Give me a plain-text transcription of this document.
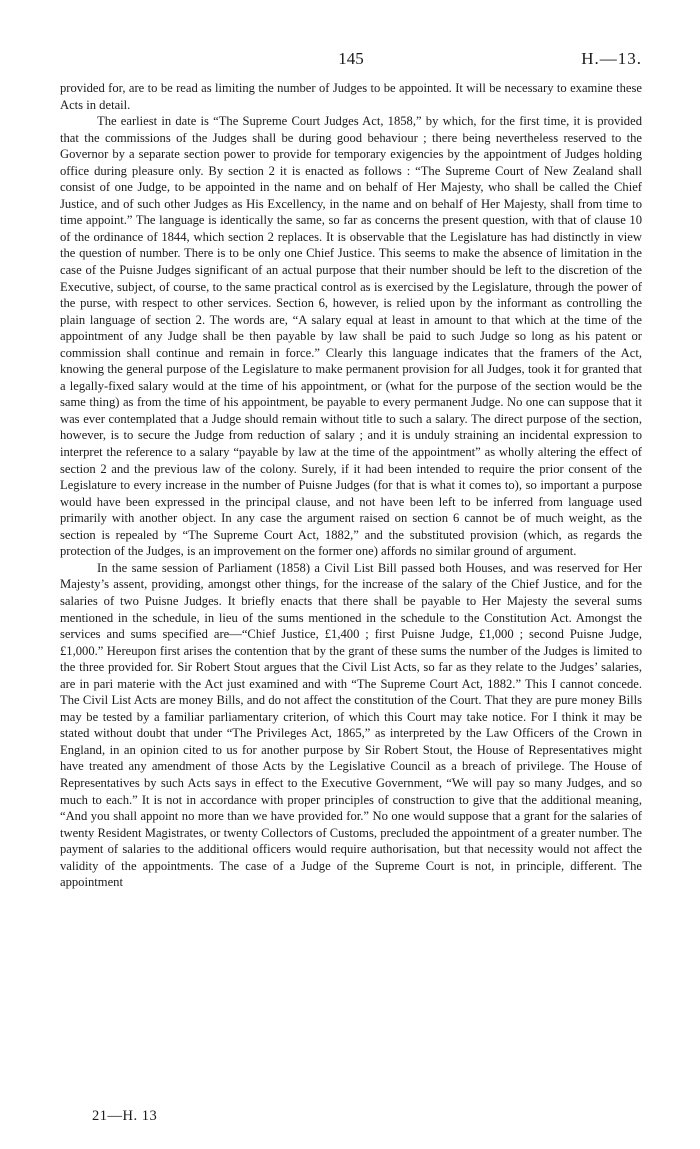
145	H.—13.

provided for, are to be read as limiting the number of Judges to be appointed. It will be necessary to examine these Acts in detail.

The earliest in date is “The Supreme Court Judges Act, 1858,” by which, for the first time, it is provided that the commissions of the Judges shall be during good behaviour ; there being nevertheless reserved to the Governor by a separate section power to provide for temporary exigencies by the appointment of Judges holding office during pleasure only. By section 2 it is enacted as follows : “The Supreme Court of New Zealand shall consist of one Judge, to be appointed in the name and on behalf of Her Majesty, who shall be called the Chief Justice, and of such other Judges as His Excellency, in the name and on behalf of Her Majesty, shall from time to time appoint.” The language is identically the same, so far as concerns the present question, with that of clause 10 of the ordinance of 1844, which section 2 replaces. It is observable that the Legislature has had distinctly in view the question of number. There is to be only one Chief Justice. This seems to make the absence of limitation in the case of the Puisne Judges significant of an actual purpose that their number should be left to the discretion of the Executive, subject, of course, to the same practical control as is exercised by the Legislature, through the power of the purse, with respect to other services. Section 6, however, is relied upon by the informant as controlling the plain language of section 2. The words are, “A salary equal at least in amount to that which at the time of the appointment of any Judge shall be then payable by law shall be paid to such Judge so long as his patent or commission shall continue and remain in force.” Clearly this language indicates that the framers of the Act, knowing the general purpose of the Legislature to make permanent provision for all Judges, took it for granted that a legally-fixed salary would at the time of his appointment, or (what for the purpose of the section would be the same thing) as from the time of his appointment, be payable to every permanent Judge. No one can suppose that it was ever contemplated that a Judge should remain without title to such a salary. The direct purpose of the section, however, is to secure the Judge from reduction of salary ; and it is unduly straining an incidental expression to interpret the reference to a salary “payable by law at the time of the appointment” as wholly altering the effect of section 2 and the previous law of the colony. Surely, if it had been intended to require the prior consent of the Legislature to every increase in the number of Puisne Judges (for that is what it comes to), so important a purpose would have been expressed in the principal clause, and not have been left to be inferred from language used primarily with another object. In any case the argument raised on section 6 cannot be of much weight, as the section is repealed by “The Supreme Court Act, 1882,” and the substituted provision (which, as regards the protection of the Judges, is an improvement on the former one) affords no similar ground of argument.

In the same session of Parliament (1858) a Civil List Bill passed both Houses, and was reserved for Her Majesty’s assent, providing, amongst other things, for the increase of the salary of the Chief Justice, and for the salaries of two Puisne Judges. It briefly enacts that there shall be payable to Her Majesty the several sums mentioned in the schedule, in lieu of the sums mentioned in the schedule to the Constitution Act. Amongst the services and sums specified are—“Chief Justice, £1,400 ; first Puisne Judge, £1,000 ; second Puisne Judge, £1,000.” Hereupon first arises the contention that by the grant of these sums the number of the Judges is limited to the three provided for. Sir Robert Stout argues that the Civil List Acts, so far as they relate to the Judges’ salaries, are in pari materie with the Act just examined and with “The Supreme Court Act, 1882.” This I cannot concede. The Civil List Acts are money Bills, and do not affect the constitution of the Court. That they are pure money Bills may be tested by a familiar parliamentary criterion, of which this Court may take notice. For I think it may be stated without doubt that under “The Privileges Act, 1865,” as interpreted by the Law Officers of the Crown in England, in an opinion cited to us for another purpose by Sir Robert Stout, the House of Representatives might have treated any amendment of those Acts by the Legislative Council as a breach of privilege. The House of Representatives by such Acts says in effect to the Executive Government, “We will pay so many Judges, and so much to each.” It is not in accordance with proper principles of construction to give that the additional meaning, “And you shall appoint no more than we have provided for.” No one would suppose that a grant for the salaries of twenty Resident Magistrates, or twenty Collectors of Customs, precluded the appointment of a greater number. The payment of salaries to the additional officers would require authorisation, but that necessity would not affect the validity of the appointments. The case of a Judge of the Supreme Court is not, in principle, different. The appointment

21—H. 13
